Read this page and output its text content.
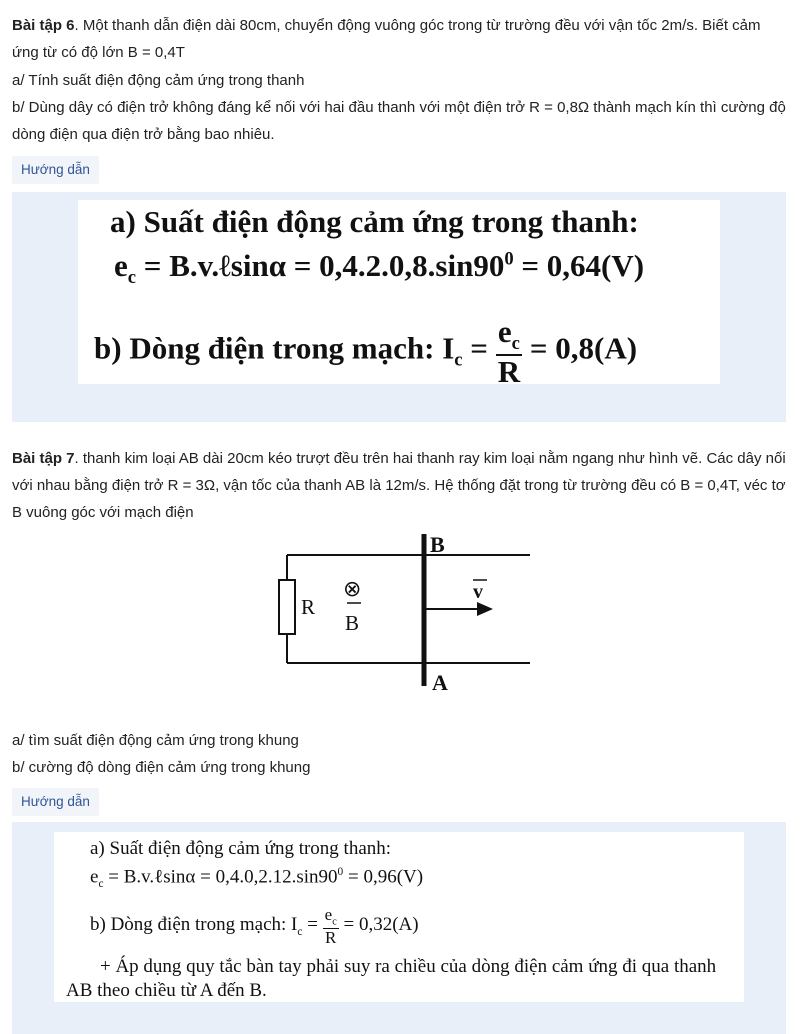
Bài tập 6. Một thanh dẫn điện dài 80cm, chuyển động vuông góc trong từ trường đều với vận tốc 2m/s. Biết cảm ứng từ có độ lớn B = 0,4T

a/ Tính suất điện động cảm ứng trong thanh

b/ Dùng dây có điện trở không đáng kể nối với hai đầu thanh với một điện trở R = 0,8Ω thành mạch kín thì cường độ dòng điện qua điện trở bằng bao nhiêu.

Hướng dẫn
a) Suất điện động cảm ứng trong thanh:
$e_c$ = B.v.ℓsinα = $0,4.2.0,8.\sin 90^0 = 0,64(V)$
b) Dòng điện trong mạch: $I_c = \frac{e_c}{R} = 0,8(A)$

Bài tập 7. thanh kim loại AB dài 20cm kéo trượt đều trên hai thanh ray kim loại nằm ngang như hình vẽ. Các dây nối với nhau bằng điện trở R = 3Ω, vận tốc của thanh AB là 12m/s. Hệ thống đặt trong từ trường đều có B = 0,4T, véc tơ B vuông góc với mạch điện

R
B
A
⊗
B
v

a/ tìm suất điện động cảm ứng trong khung

b/ cường độ dòng điện cảm ứng trong khung

Hướng dẫn
a) Suất điện động cảm ứng trong thanh:
$e_c$ = B.v.ℓsinα = $0,4.0,2.12.\sin 90^0 = 0,96(V)$
b) Dòng điện trong mạch: $I_c = \frac{e_c}{R} = 0,32(A)$
+ Áp dụng quy tắc bàn tay phải suy ra chiều của dòng điện cảm ứng đi qua thanh
AB theo chiều từ A đến B.
